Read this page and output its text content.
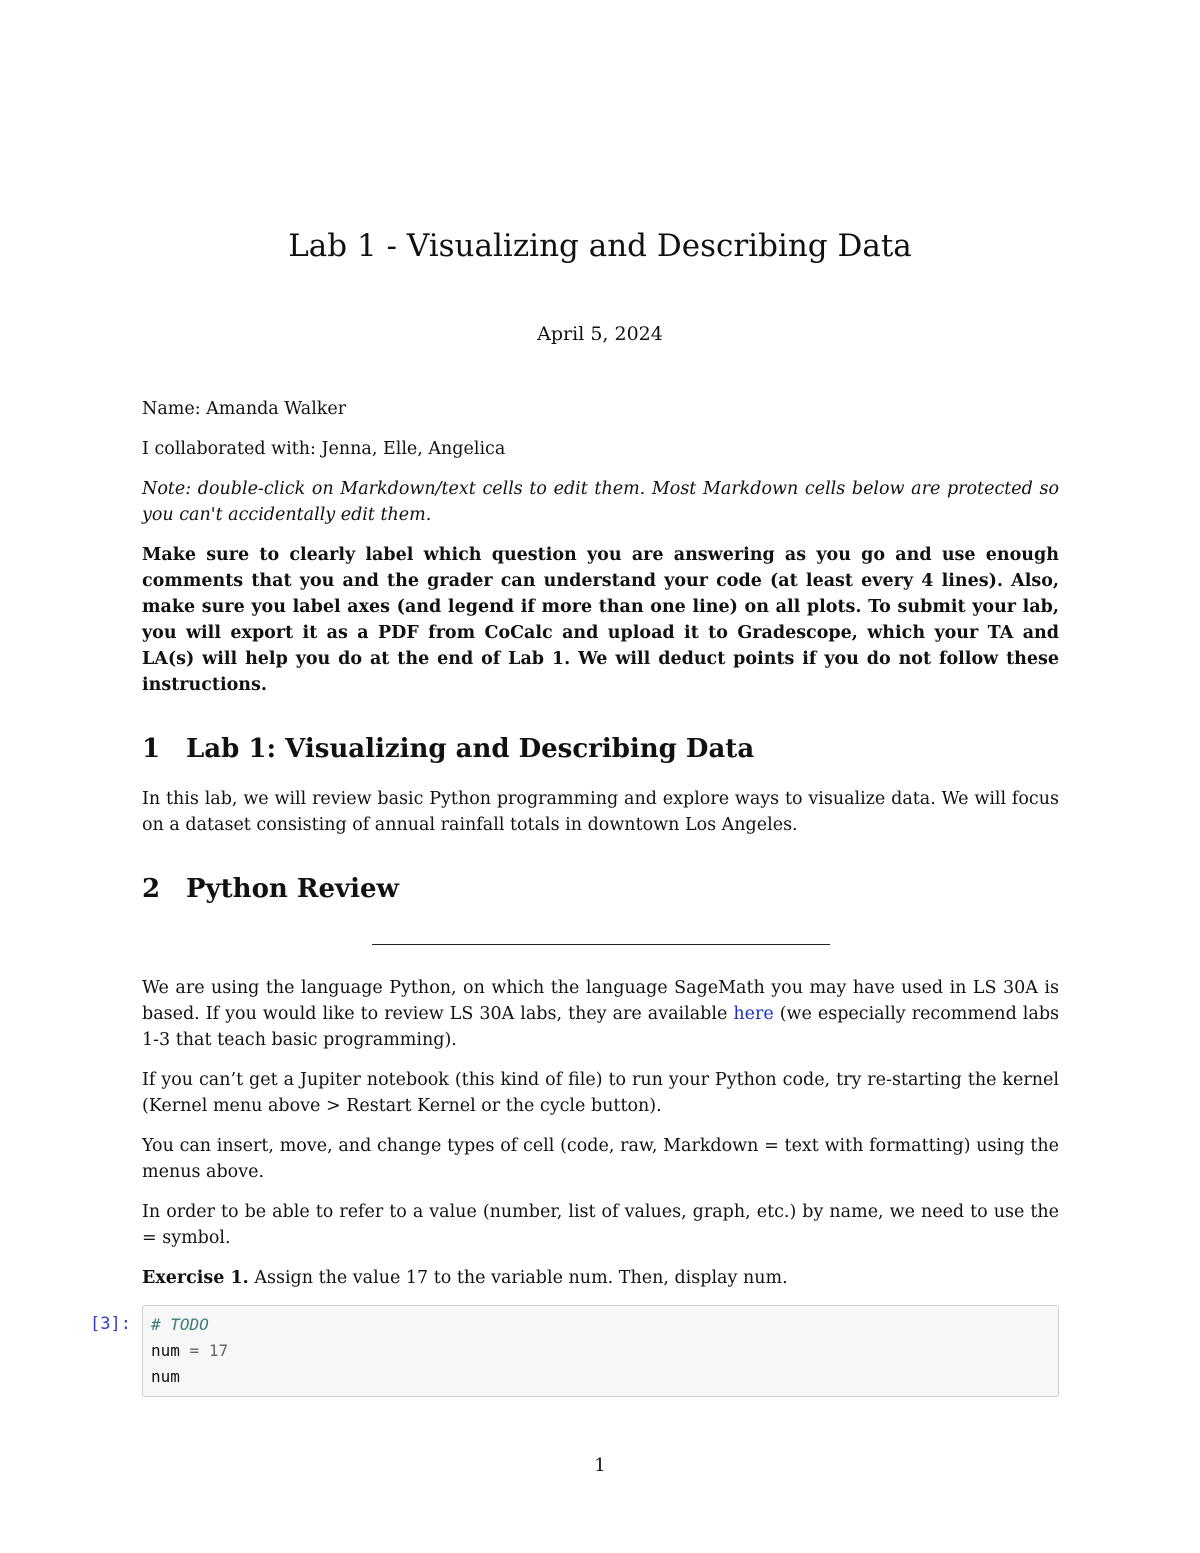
Lab 1 - Visualizing and Describing Data
April 5, 2024

Name: Amanda Walker

I collaborated with: Jenna, Elle, Angelica

Note: double-click on Markdown/text cells to edit them. Most Markdown cells below are protected so you can't accidentally edit them.

Make sure to clearly label which question you are answering as you go and use enough comments that you and the grader can understand your code (at least every 4 lines). Also, make sure you label axes (and legend if more than one line) on all plots. To submit your lab, you will export it as a PDF from CoCalc and upload it to Gradescope, which your TA and LA(s) will help you do at the end of Lab 1. We will deduct points if you do not follow these instructions.

1 Lab 1: Visualizing and Describing Data

In this lab, we will review basic Python programming and explore ways to visualize data. We will focus on a dataset consisting of annual rainfall totals in downtown Los Angeles.

2 Python Review

We are using the language Python, on which the language SageMath you may have used in LS 30A is based. If you would like to review LS 30A labs, they are available here (we especially recommend labs 1-3 that teach basic programming).

If you can’t get a Jupiter notebook (this kind of file) to run your Python code, try re-starting the kernel (Kernel menu above > Restart Kernel or the cycle button).

You can insert, move, and change types of cell (code, raw, Markdown = text with formatting) using the menus above.

In order to be able to refer to a value (number, list of values, graph, etc.) by name, we need to use the = symbol.

Exercise 1. Assign the value 17 to the variable num. Then, display num.

[3]: # TODO
num = 17
num
1
